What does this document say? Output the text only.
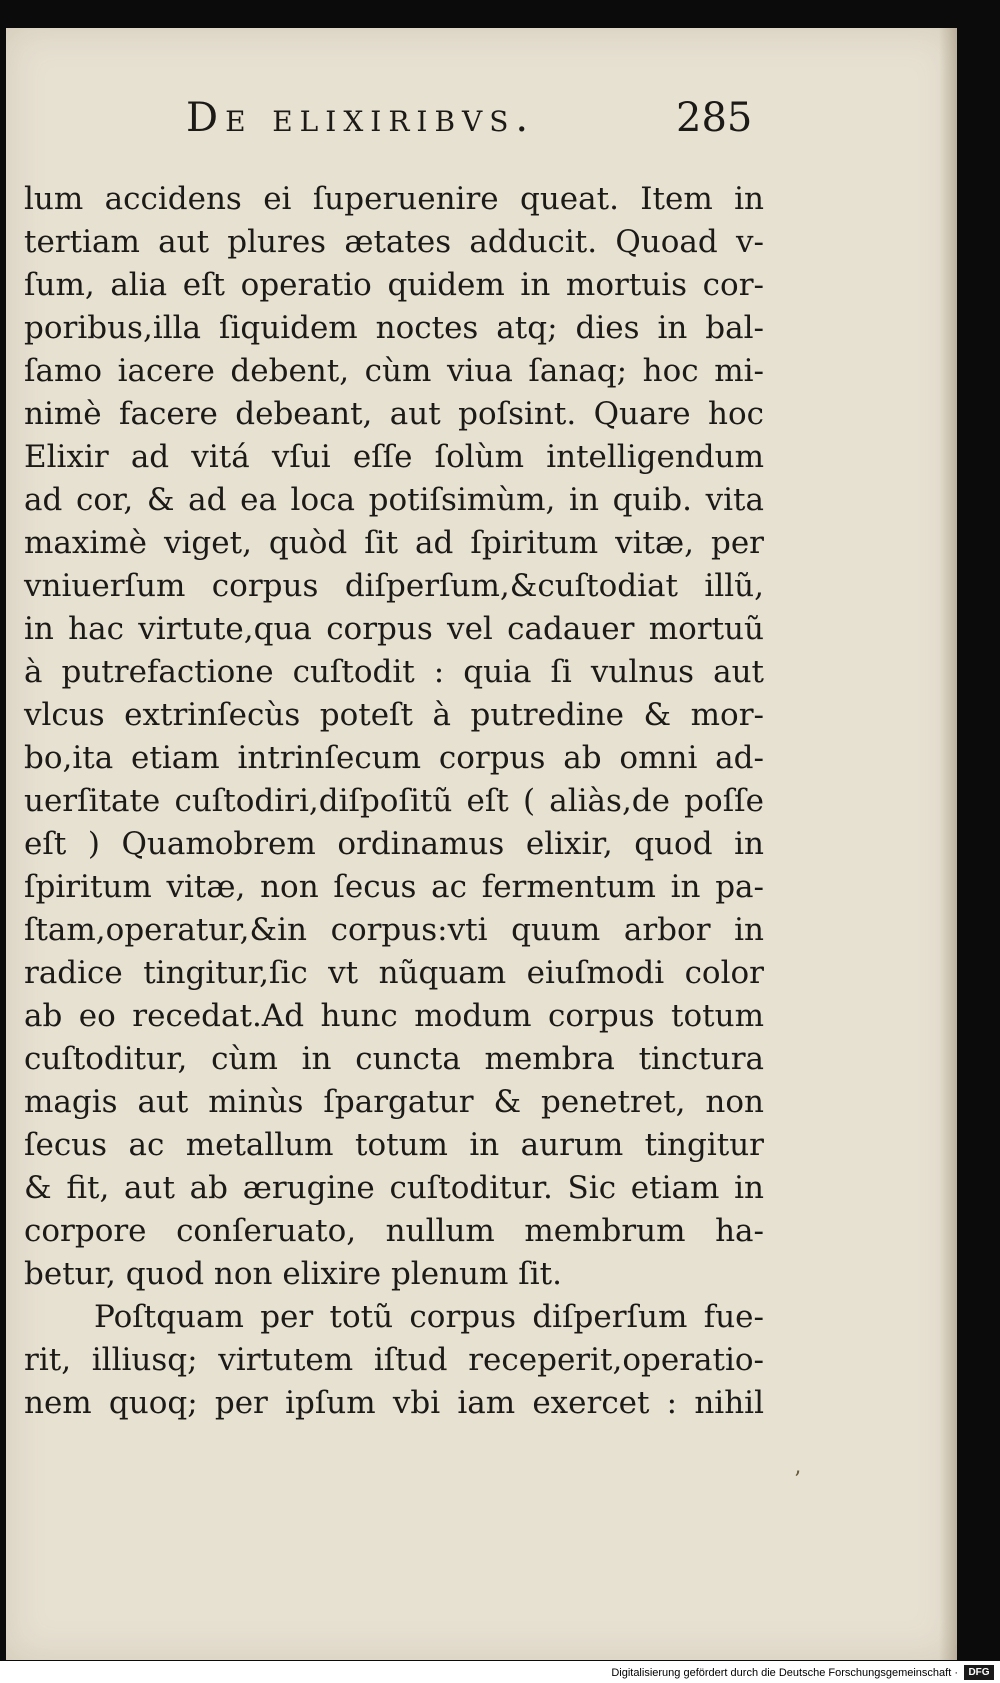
De elixiribvs.	285
lum accidens ei ſuperuenire queat. Item in
tertiam aut plures ætates adducit. Quoad v-
ſum, alia eſt operatio quidem in mortuis cor-
poribus,illa ſiquidem noctes atq; dies in bal-
ſamo iacere debent, cùm viua ſanaq; hoc mi-
nimè facere debeant, aut poſsint. Quare hoc
Elixir ad vitá vſui eſſe ſolùm intelligendum
ad cor, & ad ea loca potiſsimùm, in quib. vita
maximè viget, quòd ſit ad ſpiritum vitæ, per
vniuerſum corpus diſperſum,&cuſtodiat illũ,
in hac virtute,qua corpus vel cadauer mortuũ
à putrefactione cuſtodit : quia ſi vulnus aut
vlcus extrinſecùs poteſt à putredine & mor-
bo,ita etiam intrinſecum corpus ab omni ad-
uerſitate cuſtodiri,diſpoſitũ eſt ( aliàs,de poſſe
eſt ) Quamobrem ordinamus elixir, quod in
ſpiritum vitæ, non ſecus ac fermentum in pa-
ſtam,operatur,&in corpus:vti quum arbor in
radice tingitur,ſic vt nũquam eiuſmodi color
ab eo recedat.Ad hunc modum corpus totum
cuſtoditur, cùm in cuncta membra tinctura
magis aut minùs ſpargatur & penetret, non
ſecus ac metallum totum in aurum tingitur
& fit, aut ab ærugine cuſtoditur. Sic etiam in
corpore conſeruato, nullum membrum ha-
betur, quod non elixire plenum ſit.
Poſtquam per totũ corpus diſperſum fue-
rit, illiusq; virtutem iſtud receperit,operatio-
nem quoq; per ipſum vbi iam exercet : nihil
’
Digitalisierung gefördert durch die Deutsche Forschungsgemeinschaft ·	DFG
